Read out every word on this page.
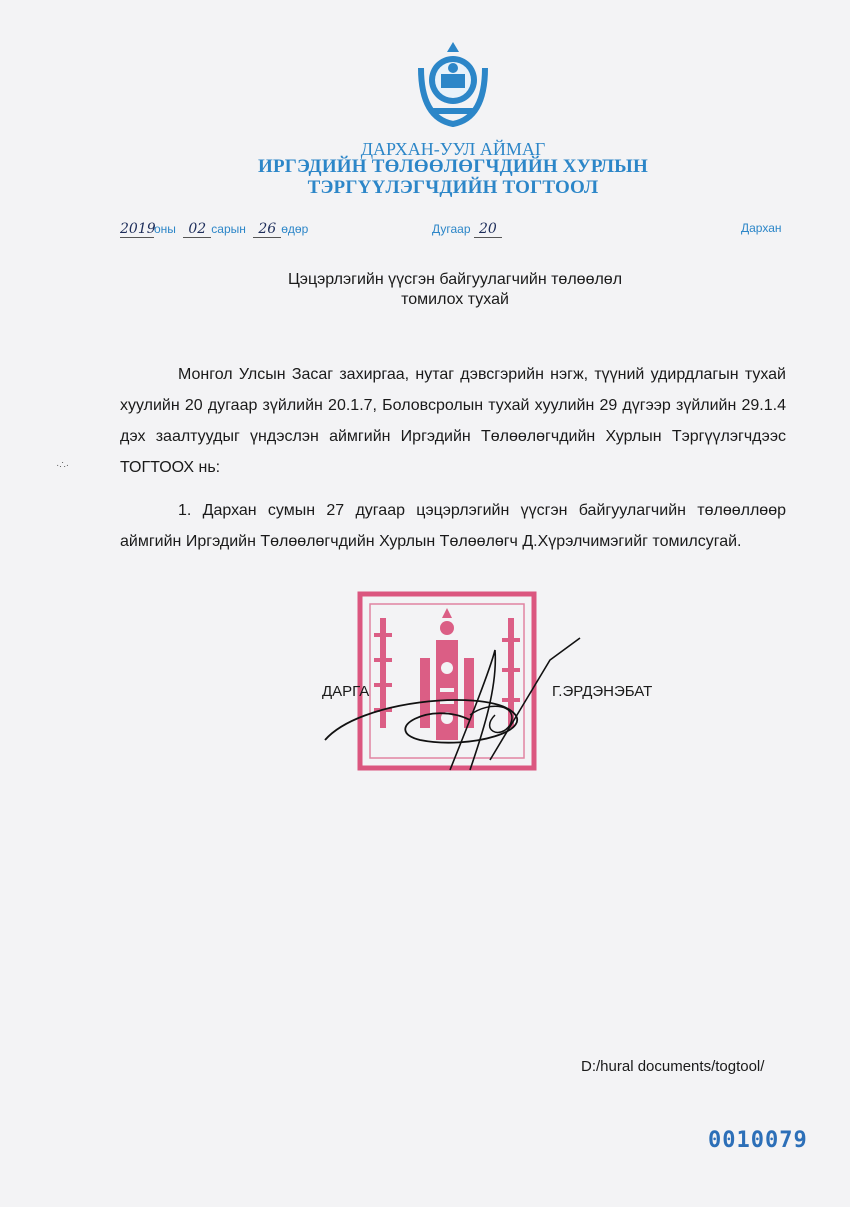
ДАРХАН-УУЛ АЙМАГ
ИРГЭДИЙН ТӨЛӨӨЛӨГЧДИЙН ХУРЛЫН
ТЭРГҮҮЛЭГЧДИЙН ТОГТООЛ
2019оны 02 сарын 26 өдөр	Дугаар 20	Дархан
Цэцэрлэгийн үүсгэн байгуулагчийн төлөөлөл
томилох тухай
Монгол Улсын Засаг захиргаа, нутаг дэвсгэрийн нэгж, түүний удирдлагын тухай хуулийн 20 дугаар зүйлийн 20.1.7, Боловсролын тухай хуулийн 29 дүгээр зүйлийн 29.1.4 дэх заалтуудыг үндэслэн аймгийн Иргэдийн Төлөөлөгчдийн Хурлын Тэргүүлэгчдээс ТОГТООХ нь:
1. Дархан сумын 27 дугаар цэцэрлэгийн үүсгэн байгуулагчийн төлөөллөөр аймгийн Иргэдийн Төлөөлөгчдийн Хурлын Төлөөлөгч Д.Хүрэлчимэгийг томилсугай.
·∴·
ДАРГА	Г.ЭРДЭНЭБАТ
D:/hural documents/togtool/
0010079
